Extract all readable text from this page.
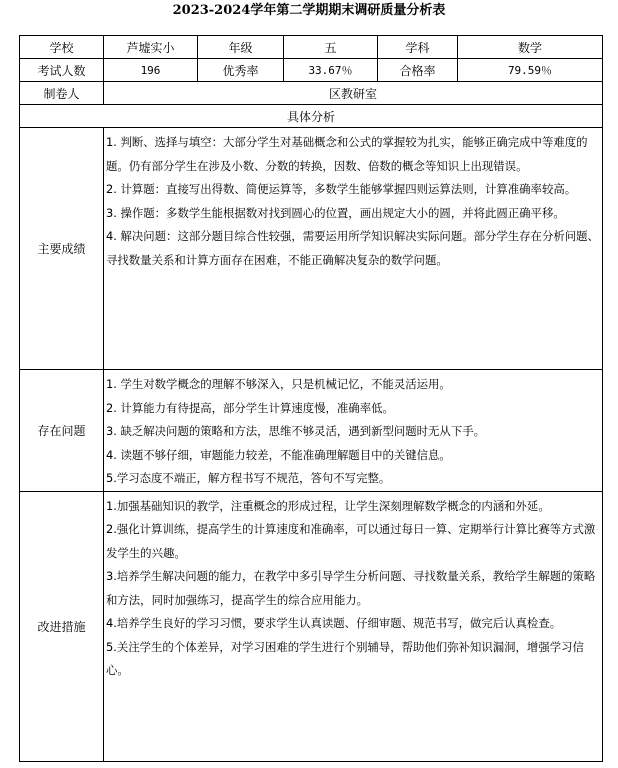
2023-2024学年第二学期期末调研质量分析表
学校	芦墟实小	年级	五	学科	数学
考试人数	196	优秀率	33.67％	合格率	79.59％
制卷人	区教研室				
具体分析					
主要成绩	1. 判断、选择与填空：大部分学生对基础概念和公式的掌握较为扎实，能够正确完成中等难度的题。仍有部分学生在涉及小数、分数的转换，因数、倍数的概念等知识上出现错误。

2. 计算题：直接写出得数、简便运算等，多数学生能够掌握四则运算法则，计算准确率较高。

3. 操作题：多数学生能根据数对找到圆心的位置，画出规定大小的圆，并将此圆正确平移。

4. 解决问题：这部分题目综合性较强，需要运用所学知识解决实际问题。部分学生存在分析问题、寻找数量关系和计算方面存在困难，不能正确解决复杂的数学问题。				

存在问题	1. 学生对数学概念的理解不够深入，只是机械记忆，不能灵活运用。

2. 计算能力有待提高，部分学生计算速度慢，准确率低。

3. 缺乏解决问题的策略和方法，思维不够灵活，遇到新型问题时无从下手。

4. 读题不够仔细，审题能力较差，不能准确理解题目中的关键信息。

5.学习态度不端正，解方程书写不规范，答句不写完整。				

改进措施	1.加强基础知识的教学，注重概念的形成过程，让学生深刻理解数学概念的内涵和外延。

2.强化计算训练，提高学生的计算速度和准确率，可以通过每日一算、定期举行计算比赛等方式激发学生的兴趣。

3.培养学生解决问题的能力，在教学中多引导学生分析问题、寻找数量关系，教给学生解题的策略和方法，同时加强练习，提高学生的综合应用能力。

4.培养学生良好的学习习惯，要求学生认真读题、仔细审题、规范书写，做完后认真检查。

5.关注学生的个体差异，对学习困难的学生进行个别辅导，帮助他们弥补知识漏洞，增强学习信心。				
